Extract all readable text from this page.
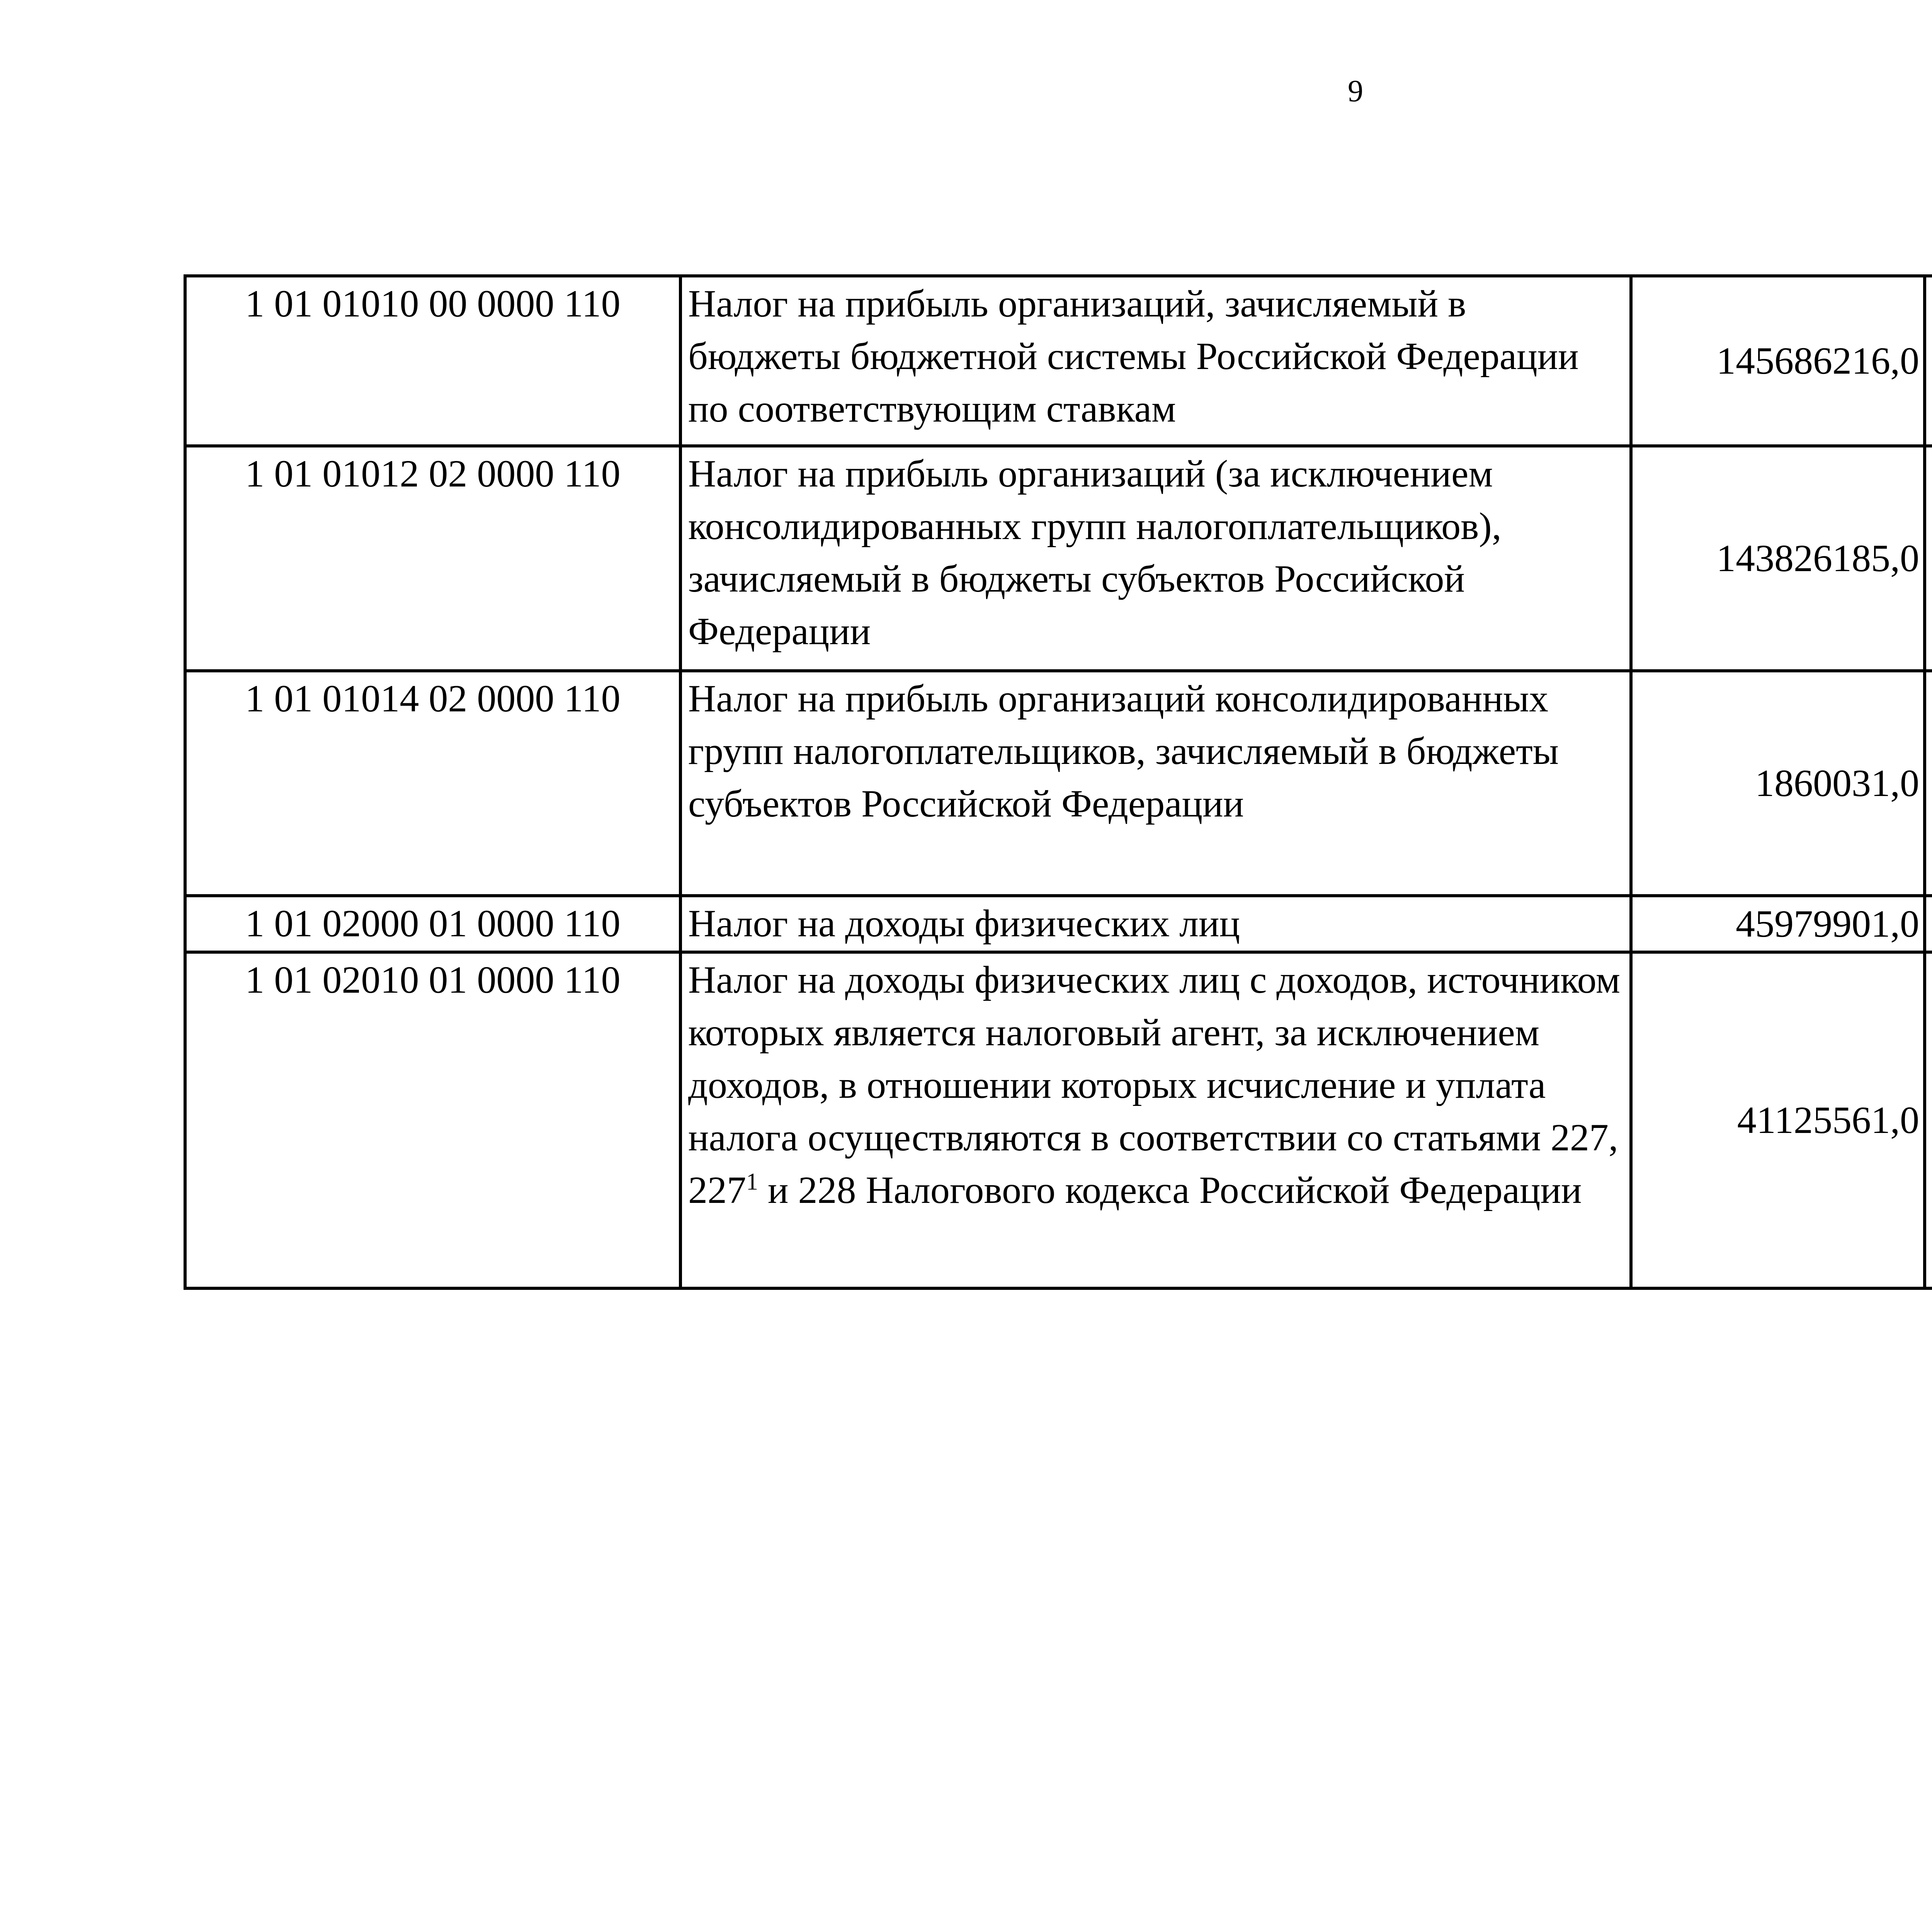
9
1 01 01010 00 0000 110	Налог на прибыль организаций, зачисляемый в бюджеты бюджетной системы Российской Федерации по соответствующим ставкам	145686216,0		
1 01 01012 02 0000 110	Налог на прибыль организаций (за исключением консолидированных групп налогоплательщиков), зачисляемый в бюджеты субъектов Российской Федерации	143826185,0		
1 01 01014 02 0000 110	Налог на прибыль организаций консолидированных групп налогоплательщиков, зачисляемый в бюджеты субъектов Российской Федерации	1860031,0		
1 01 02000 01 0000 110	Налог на доходы физических лиц	45979901,0		
1 01 02010 01 0000 110	Налог на доходы физических лиц с доходов, источником которых является налоговый агент, за исключением доходов, в отношении которых исчисление и уплата налога осуществляются в соответствии со статьями 227, $227^1$ и 228 Налогового кодекса Российской Федерации	41125561,0		
